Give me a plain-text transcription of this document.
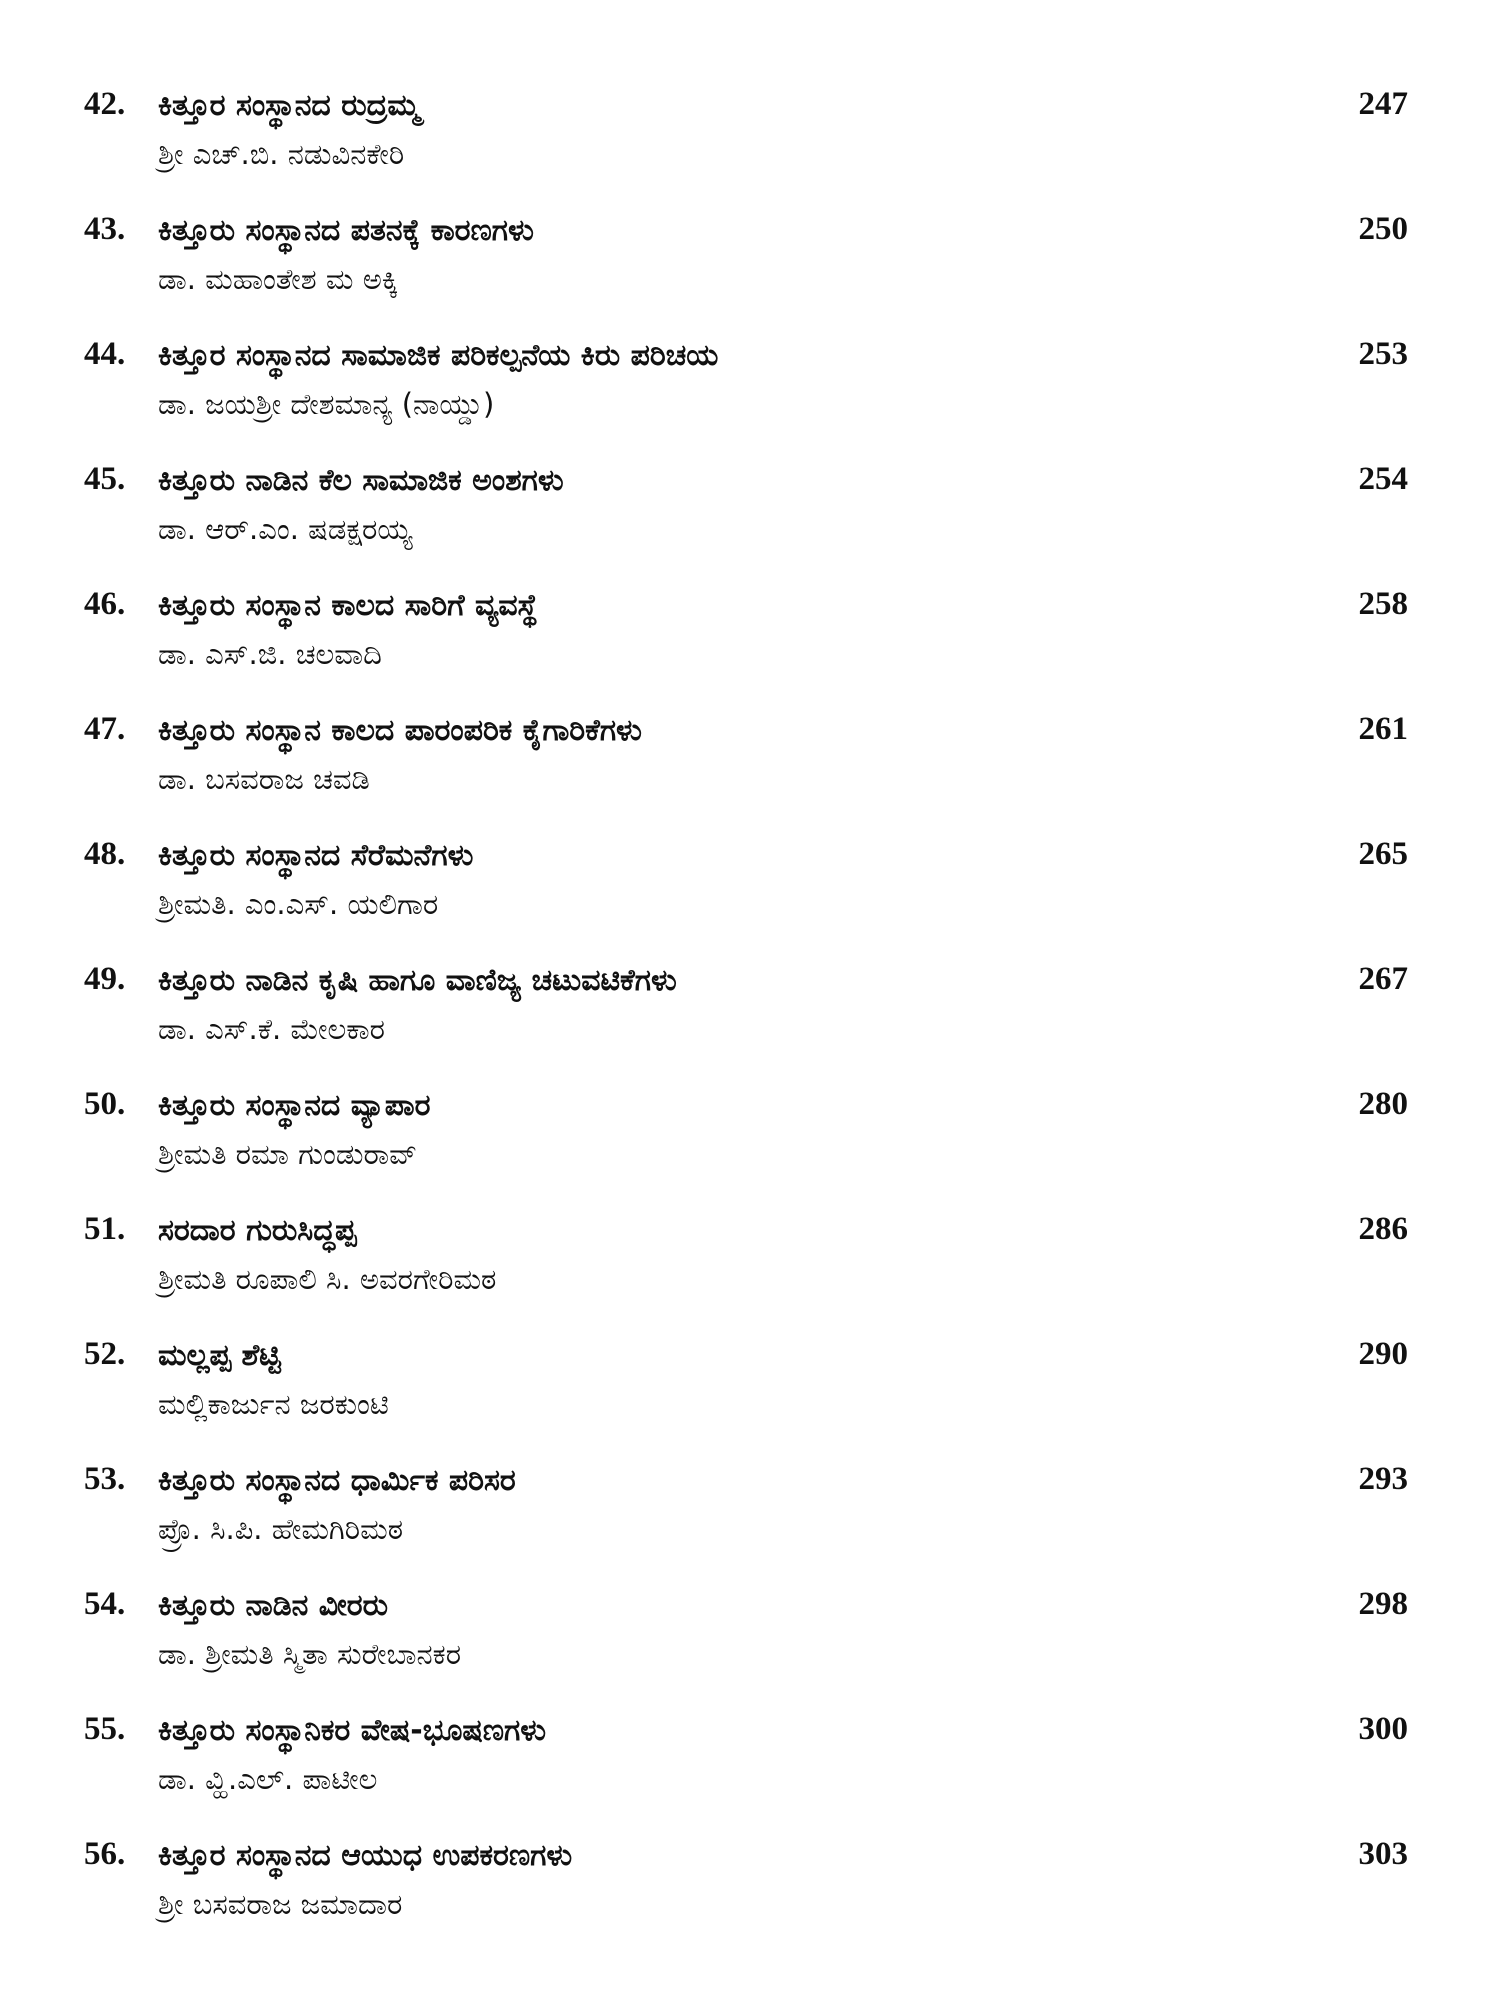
42. ಕಿತ್ತೂರ ಸಂಸ್ಥಾನದ ರುದ್ರಮ್ಮ
ಶ್ರೀ ಎಚ್.ಬಿ. ನಡುವಿನಕೇರಿ
247
43. ಕಿತ್ತೂರು ಸಂಸ್ಥಾನದ ಪತನಕ್ಕೆ ಕಾರಣಗಳು
ಡಾ. ಮಹಾಂತೇಶ ಮ ಅಕ್ಕಿ
250
44. ಕಿತ್ತೂರ ಸಂಸ್ಥಾನದ ಸಾಮಾಜಿಕ ಪರಿಕಲ್ಪನೆಯ ಕಿರು ಪರಿಚಯ
ಡಾ. ಜಯಶ್ರೀ ದೇಶಮಾನ್ಯ (ನಾಯ್ಡು)
253
45. ಕಿತ್ತೂರು ನಾಡಿನ ಕೆಲ ಸಾಮಾಜಿಕ ಅಂಶಗಳು
ಡಾ. ಆರ್.ಎಂ. ಷಡಕ್ಷರಯ್ಯ
254
46. ಕಿತ್ತೂರು ಸಂಸ್ಥಾನ ಕಾಲದ ಸಾರಿಗೆ ವ್ಯವಸ್ಥೆ
ಡಾ. ಎಸ್.ಜಿ. ಚಲವಾದಿ
258
47. ಕಿತ್ತೂರು ಸಂಸ್ಥಾನ ಕಾಲದ ಪಾರಂಪರಿಕ ಕೈಗಾರಿಕೆಗಳು
ಡಾ. ಬಸವರಾಜ ಚವಡಿ
261
48. ಕಿತ್ತೂರು ಸಂಸ್ಥಾನದ ಸೆರೆಮನೆಗಳು
ಶ್ರೀಮತಿ. ಎಂ.ಎಸ್. ಯಲಿಗಾರ
265
49. ಕಿತ್ತೂರು ನಾಡಿನ ಕೃಷಿ ಹಾಗೂ ವಾಣಿಜ್ಯ ಚಟುವಟಿಕೆಗಳು
ಡಾ. ಎಸ್.ಕೆ. ಮೇಲಕಾರ
267
50. ಕಿತ್ತೂರು ಸಂಸ್ಥಾನದ ವ್ಯಾಪಾರ
ಶ್ರೀಮತಿ ರಮಾ ಗುಂಡುರಾವ್
280
51. ಸರದಾರ ಗುರುಸಿದ್ಧಪ್ಪ
ಶ್ರೀಮತಿ ರೂಪಾಲಿ ಸಿ. ಅವರಗೇರಿಮಠ
286
52. ಮಲ್ಲಪ್ಪ ಶೆಟ್ಟಿ
ಮಲ್ಲಿಕಾರ್ಜುನ ಜರಕುಂಟಿ
290
53. ಕಿತ್ತೂರು ಸಂಸ್ಥಾನದ ಧಾರ್ಮಿಕ ಪರಿಸರ
ಪ್ರೊ. ಸಿ.ಪಿ. ಹೇಮಗಿರಿಮಠ
293
54. ಕಿತ್ತೂರು ನಾಡಿನ ವೀರರು
ಡಾ. ಶ್ರೀಮತಿ ಸ್ಮಿತಾ ಸುರೇಬಾನಕರ
298
55. ಕಿತ್ತೂರು ಸಂಸ್ಥಾನಿಕರ ವೇಷ-ಭೂಷಣಗಳು
ಡಾ. ವ್ಹಿ.ಎಲ್. ಪಾಟೀಲ
300
56. ಕಿತ್ತೂರ ಸಂಸ್ಥಾನದ ಆಯುಧ ಉಪಕರಣಗಳು
ಶ್ರೀ ಬಸವರಾಜ ಜಮಾದಾರ
303
